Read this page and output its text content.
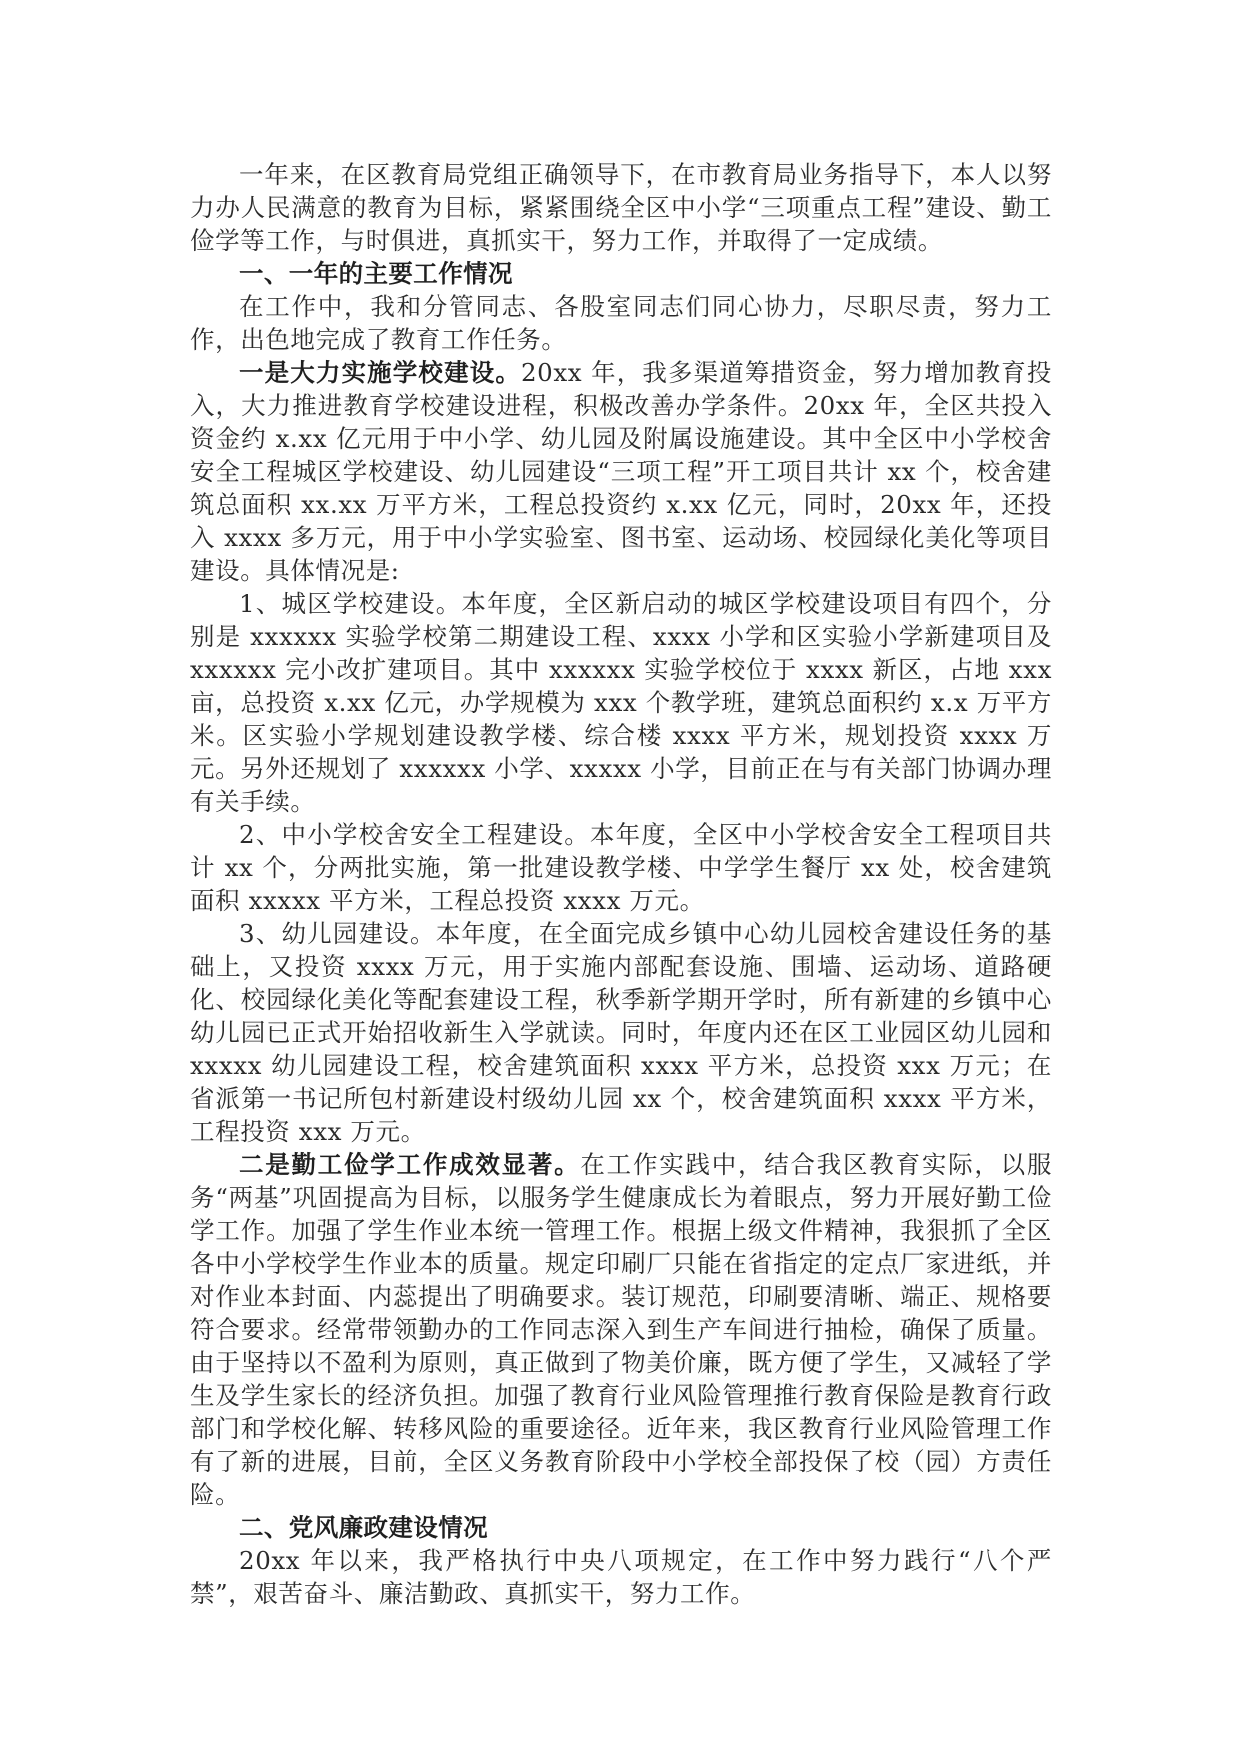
一年来，在区教育局党组正确领导下，在市教育局业务指导下，本人以努力办人民满意的教育为目标，紧紧围绕全区中小学“三项重点工程”建设、勤工俭学等工作，与时俱进，真抓实干，努力工作，并取得了一定成绩。

一、一年的主要工作情况

在工作中，我和分管同志、各股室同志们同心协力，尽职尽责，努力工作，出色地完成了教育工作任务。

一是大力实施学校建设。20xx 年，我多渠道筹措资金，努力增加教育投入，大力推进教育学校建设进程，积极改善办学条件。20xx 年，全区共投入资金约 x.xx 亿元用于中小学、幼儿园及附属设施建设。其中全区中小学校舍安全工程城区学校建设、幼儿园建设“三项工程”开工项目共计 xx 个，校舍建筑总面积 xx.xx 万平方米，工程总投资约 x.xx 亿元，同时，20xx 年，还投入 xxxx 多万元，用于中小学实验室、图书室、运动场、校园绿化美化等项目建设。具体情况是:

1、城区学校建设。本年度，全区新启动的城区学校建设项目有四个，分别是 xxxxxx 实验学校第二期建设工程、xxxx 小学和区实验小学新建项目及 xxxxxx 完小改扩建项目。其中 xxxxxx 实验学校位于 xxxx 新区，占地 xxx 亩，总投资 x.xx 亿元，办学规模为 xxx 个教学班，建筑总面积约 x.x 万平方米。区实验小学规划建设教学楼、综合楼 xxxx 平方米，规划投资 xxxx 万元。另外还规划了 xxxxxx 小学、xxxxx 小学，目前正在与有关部门协调办理有关手续。

2、中小学校舍安全工程建设。本年度，全区中小学校舍安全工程项目共计 xx 个，分两批实施，第一批建设教学楼、中学学生餐厅 xx 处，校舍建筑面积 xxxxx 平方米，工程总投资 xxxx 万元。

3、幼儿园建设。本年度，在全面完成乡镇中心幼儿园校舍建设任务的基础上，又投资 xxxx 万元，用于实施内部配套设施、围墙、运动场、道路硬化、校园绿化美化等配套建设工程，秋季新学期开学时，所有新建的乡镇中心幼儿园已正式开始招收新生入学就读。同时，年度内还在区工业园区幼儿园和 xxxxx 幼儿园建设工程，校舍建筑面积 xxxx 平方米，总投资 xxx 万元；在省派第一书记所包村新建设村级幼儿园 xx 个，校舍建筑面积 xxxx 平方米，工程投资 xxx 万元。

二是勤工俭学工作成效显著。在工作实践中，结合我区教育实际，以服务“两基”巩固提高为目标，以服务学生健康成长为着眼点，努力开展好勤工俭学工作。加强了学生作业本统一管理工作。根据上级文件精神，我狠抓了全区各中小学校学生作业本的质量。规定印刷厂只能在省指定的定点厂家进纸，并对作业本封面、内蕊提出了明确要求。装订规范，印刷要清晰、端正、规格要符合要求。经常带领勤办的工作同志深入到生产车间进行抽检，确保了质量。由于坚持以不盈利为原则，真正做到了物美价廉，既方便了学生，又减轻了学生及学生家长的经济负担。加强了教育行业风险管理推行教育保险是教育行政部门和学校化解、转移风险的重要途径。近年来，我区教育行业风险管理工作有了新的进展，目前，全区义务教育阶段中小学校全部投保了校（园）方责任险。

二、党风廉政建设情况

20xx 年以来，我严格执行中央八项规定，在工作中努力践行“八个严禁”，艰苦奋斗、廉洁勤政、真抓实干，努力工作。
